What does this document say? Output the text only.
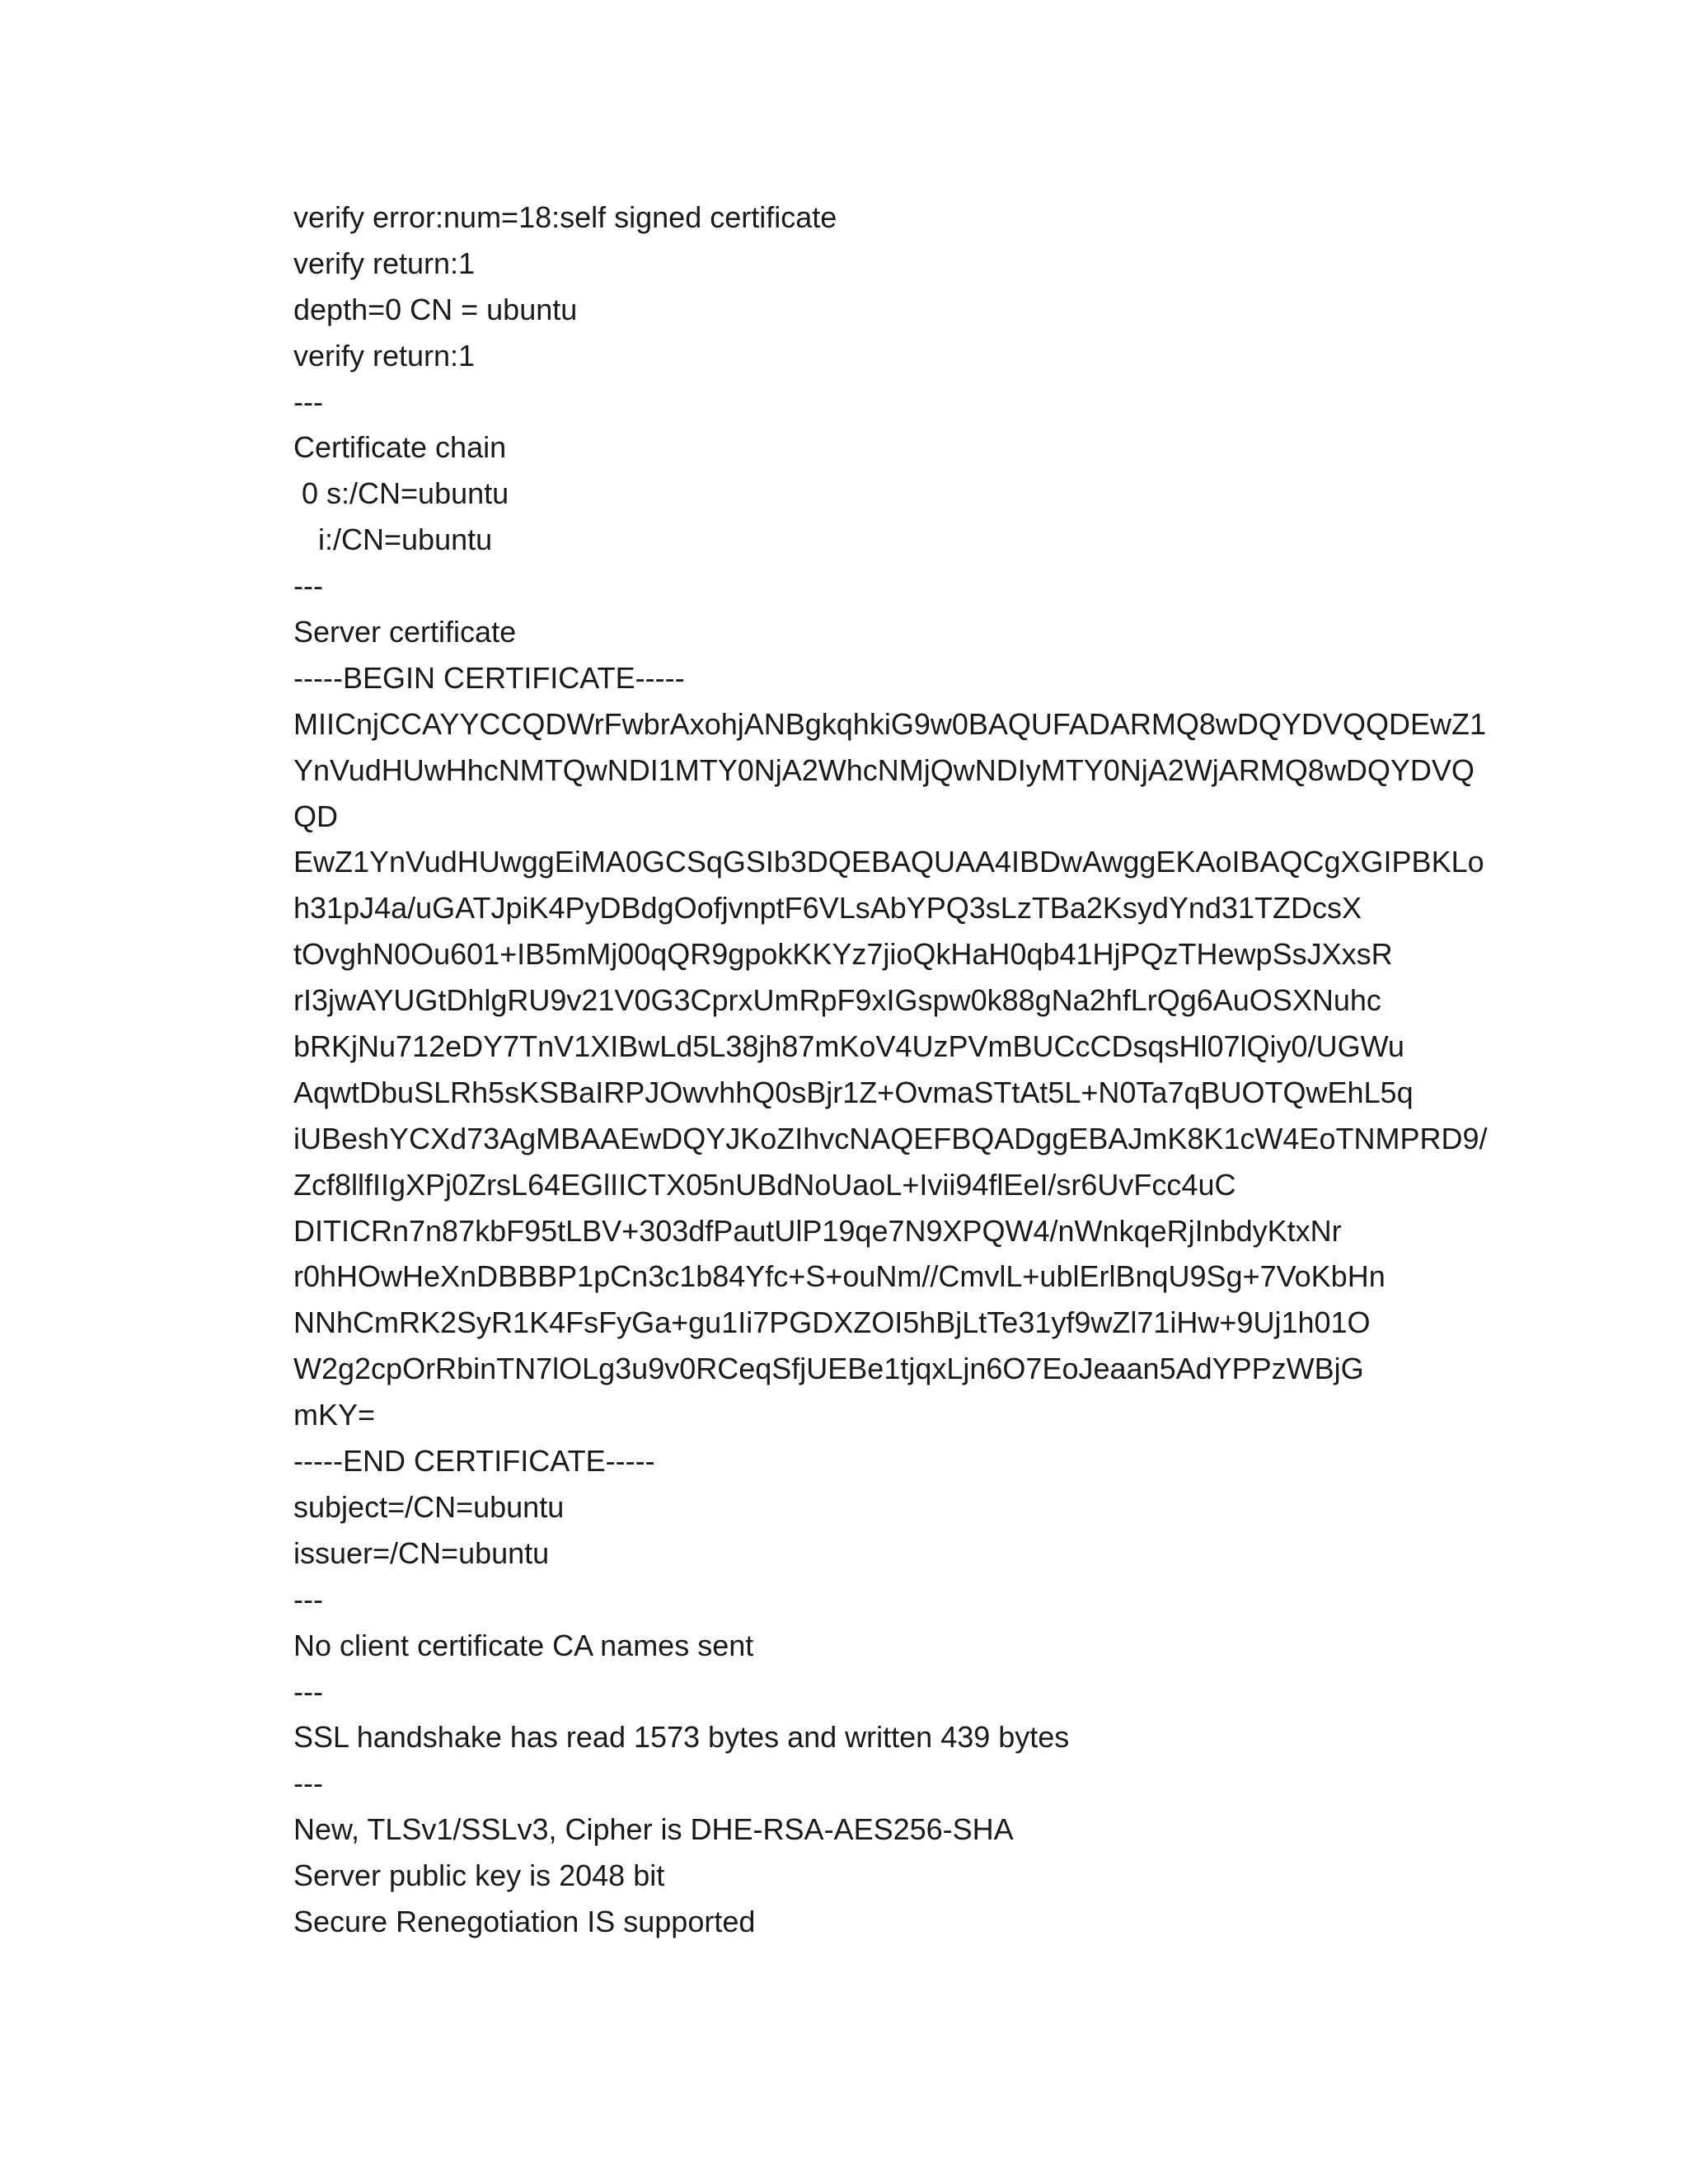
verify error:num=18:self signed certificate
verify return:1
depth=0 CN = ubuntu
verify return:1
---
Certificate chain
0 s:/CN=ubuntu
i:/CN=ubuntu
---
Server certificate
-----BEGIN CERTIFICATE-----
MIICnjCCAYYCCQDWrFwbrAxohjANBgkqhkiG9w0BAQUFADARMQ8wDQYDVQQDEwZ1
YnVudHUwHhcNMTQwNDI1MTY0NjA2WhcNMjQwNDIyMTY0NjA2WjARMQ8wDQYDVQ
QD
EwZ1YnVudHUwggEiMA0GCSqGSIb3DQEBAQUAA4IBDwAwggEKAoIBAQCgXGIPBKLo
h31pJ4a/uGATJpiK4PyDBdgOofjvnptF6VLsAbYPQ3sLzTBa2KsydYnd31TZDcsX
tOvghN0Ou601+IB5mMj00qQR9gpokKKYz7jioQkHaH0qb41HjPQzTHewpSsJXxsR
rI3jwAYUGtDhlgRU9v21V0G3CprxUmRpF9xIGspw0k88gNa2hfLrQg6AuOSXNuhc
bRKjNu712eDY7TnV1XIBwLd5L38jh87mKoV4UzPVmBUCcCDsqsHl07lQiy0/UGWu
AqwtDbuSLRh5sKSBaIRPJOwvhhQ0sBjr1Z+OvmaSTtAt5L+N0Ta7qBUOTQwEhL5q
iUBeshYCXd73AgMBAAEwDQYJKoZIhvcNAQEFBQADggEBAJmK8K1cW4EoTNMPRD9/
Zcf8llfIIgXPj0ZrsL64EGlIICTX05nUBdNoUaoL+Ivii94flEeI/sr6UvFcc4uC
DITICRn7n87kbF95tLBV+303dfPautUlP19qe7N9XPQW4/nWnkqeRjInbdyKtxNr
r0hHOwHeXnDBBBP1pCn3c1b84Yfc+S+ouNm//CmvlL+ublErlBnqU9Sg+7VoKbHn
NNhCmRK2SyR1K4FsFyGa+gu1Ii7PGDXZOI5hBjLtTe31yf9wZl71iHw+9Uj1h01O
W2g2cpOrRbinTN7lOLg3u9v0RCeqSfjUEBe1tjqxLjn6O7EoJeaan5AdYPPzWBjG
mKY=
-----END CERTIFICATE-----
subject=/CN=ubuntu
issuer=/CN=ubuntu
---
No client certificate CA names sent
---
SSL handshake has read 1573 bytes and written 439 bytes
---
New, TLSv1/SSLv3, Cipher is DHE-RSA-AES256-SHA
Server public key is 2048 bit
Secure Renegotiation IS supported
